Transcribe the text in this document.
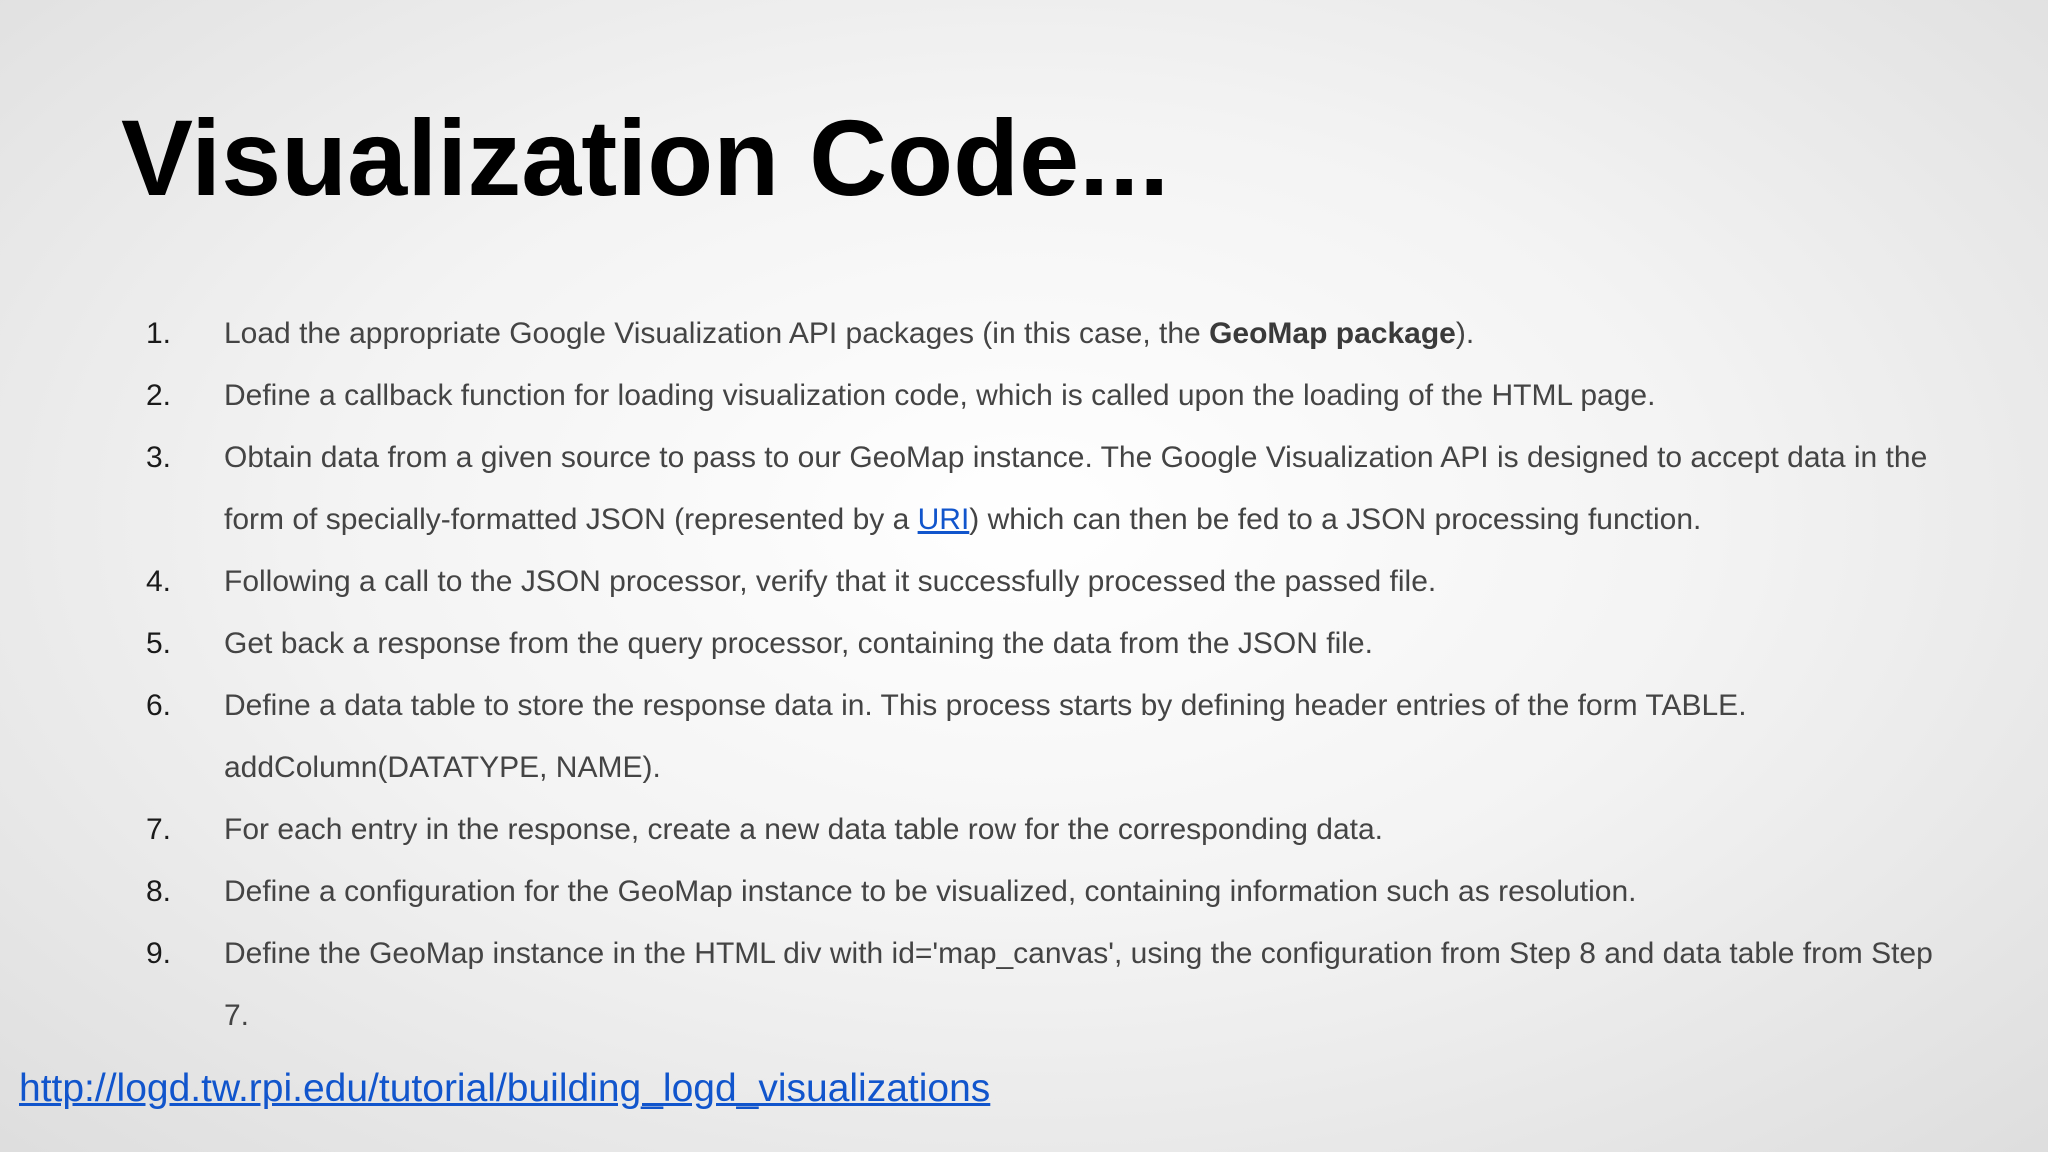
Visualization Code...
1.	Load the appropriate Google Visualization API packages (in this case, the GeoMap package).
2.	Define a callback function for loading visualization code, which is called upon the loading of the HTML page.
3.	Obtain data from a given source to pass to our GeoMap instance. The Google Visualization API is designed to accept data in the form of specially-formatted JSON (represented by a URI) which can then be fed to a JSON processing function.
4.	Following a call to the JSON processor, verify that it successfully processed the passed file.
5.	Get back a response from the query processor, containing the data from the JSON file.
6.	Define a data table to store the response data in. This process starts by defining header entries of the form TABLE. addColumn(DATATYPE, NAME).
7.	For each entry in the response, create a new data table row for the corresponding data.
8.	Define a configuration for the GeoMap instance to be visualized, containing information such as resolution.
9.	Define the GeoMap instance in the HTML div with id='map_canvas', using the configuration from Step 8 and data table from Step 7.
http://logd.tw.rpi.edu/tutorial/building_logd_visualizations
